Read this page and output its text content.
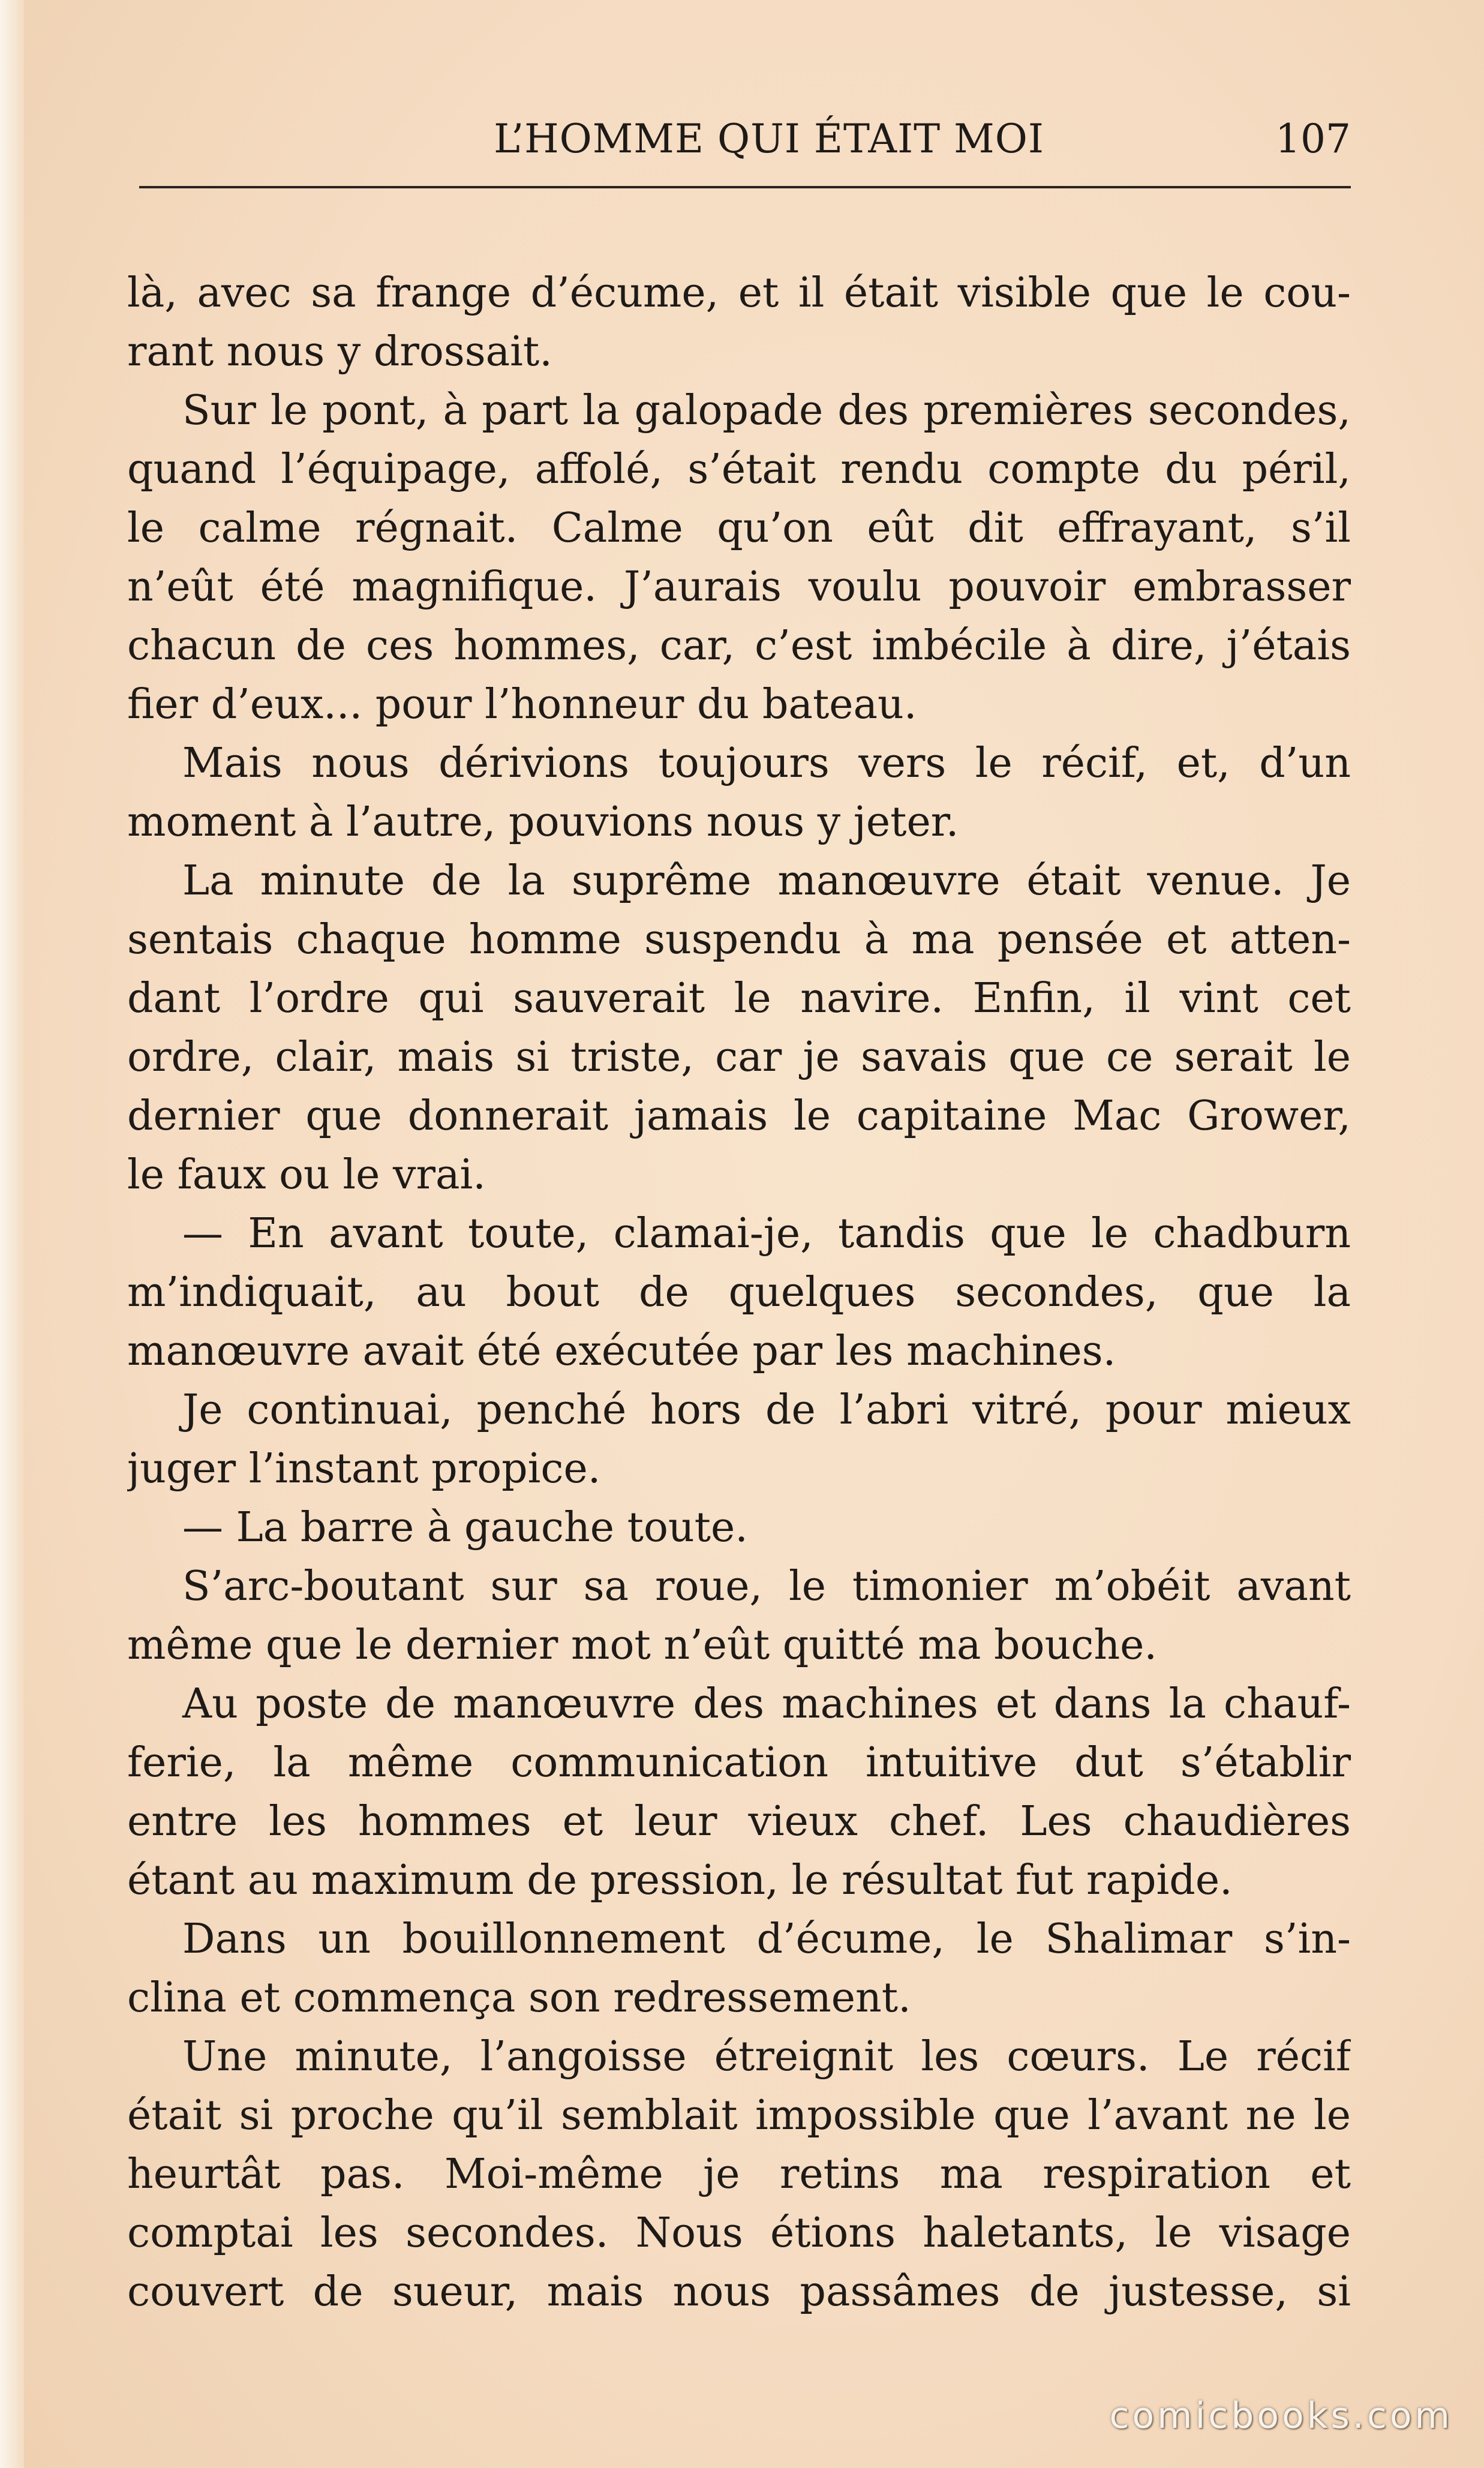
L’HOMME QUI ÉTAIT MOI	107
là, avec sa frange d’écume, et il était visible que le cou-
rant nous y drossait.
Sur le pont, à part la galopade des premières secondes,
quand l’équipage, affolé, s’était rendu compte du péril,
le calme régnait. Calme qu’on eût dit effrayant, s’il
n’eût été magnifique. J’aurais voulu pouvoir embrasser
chacun de ces hommes, car, c’est imbécile à dire, j’étais
fier d’eux... pour l’honneur du bateau.
Mais nous dérivions toujours vers le récif, et, d’un
moment à l’autre, pouvions nous y jeter.
La minute de la suprême manœuvre était venue. Je
sentais chaque homme suspendu à ma pensée et atten-
dant l’ordre qui sauverait le navire. Enfin, il vint cet
ordre, clair, mais si triste, car je savais que ce serait le
dernier que donnerait jamais le capitaine Mac Grower,
le faux ou le vrai.
— En avant toute, clamai-je, tandis que le chadburn
m’indiquait, au bout de quelques secondes, que la
manœuvre avait été exécutée par les machines.
Je continuai, penché hors de l’abri vitré, pour mieux
juger l’instant propice.
— La barre à gauche toute.
S’arc-boutant sur sa roue, le timonier m’obéit avant
même que le dernier mot n’eût quitté ma bouche.
Au poste de manœuvre des machines et dans la chauf-
ferie, la même communication intuitive dut s’établir
entre les hommes et leur vieux chef. Les chaudières
étant au maximum de pression, le résultat fut rapide.
Dans un bouillonnement d’écume, le Shalimar s’in-
clina et commença son redressement.
Une minute, l’angoisse étreignit les cœurs. Le récif
était si proche qu’il semblait impossible que l’avant ne le
heurtât pas. Moi-même je retins ma respiration et
comptai les secondes. Nous étions haletants, le visage
couvert de sueur, mais nous passâmes de justesse, si
comicbooks.com
